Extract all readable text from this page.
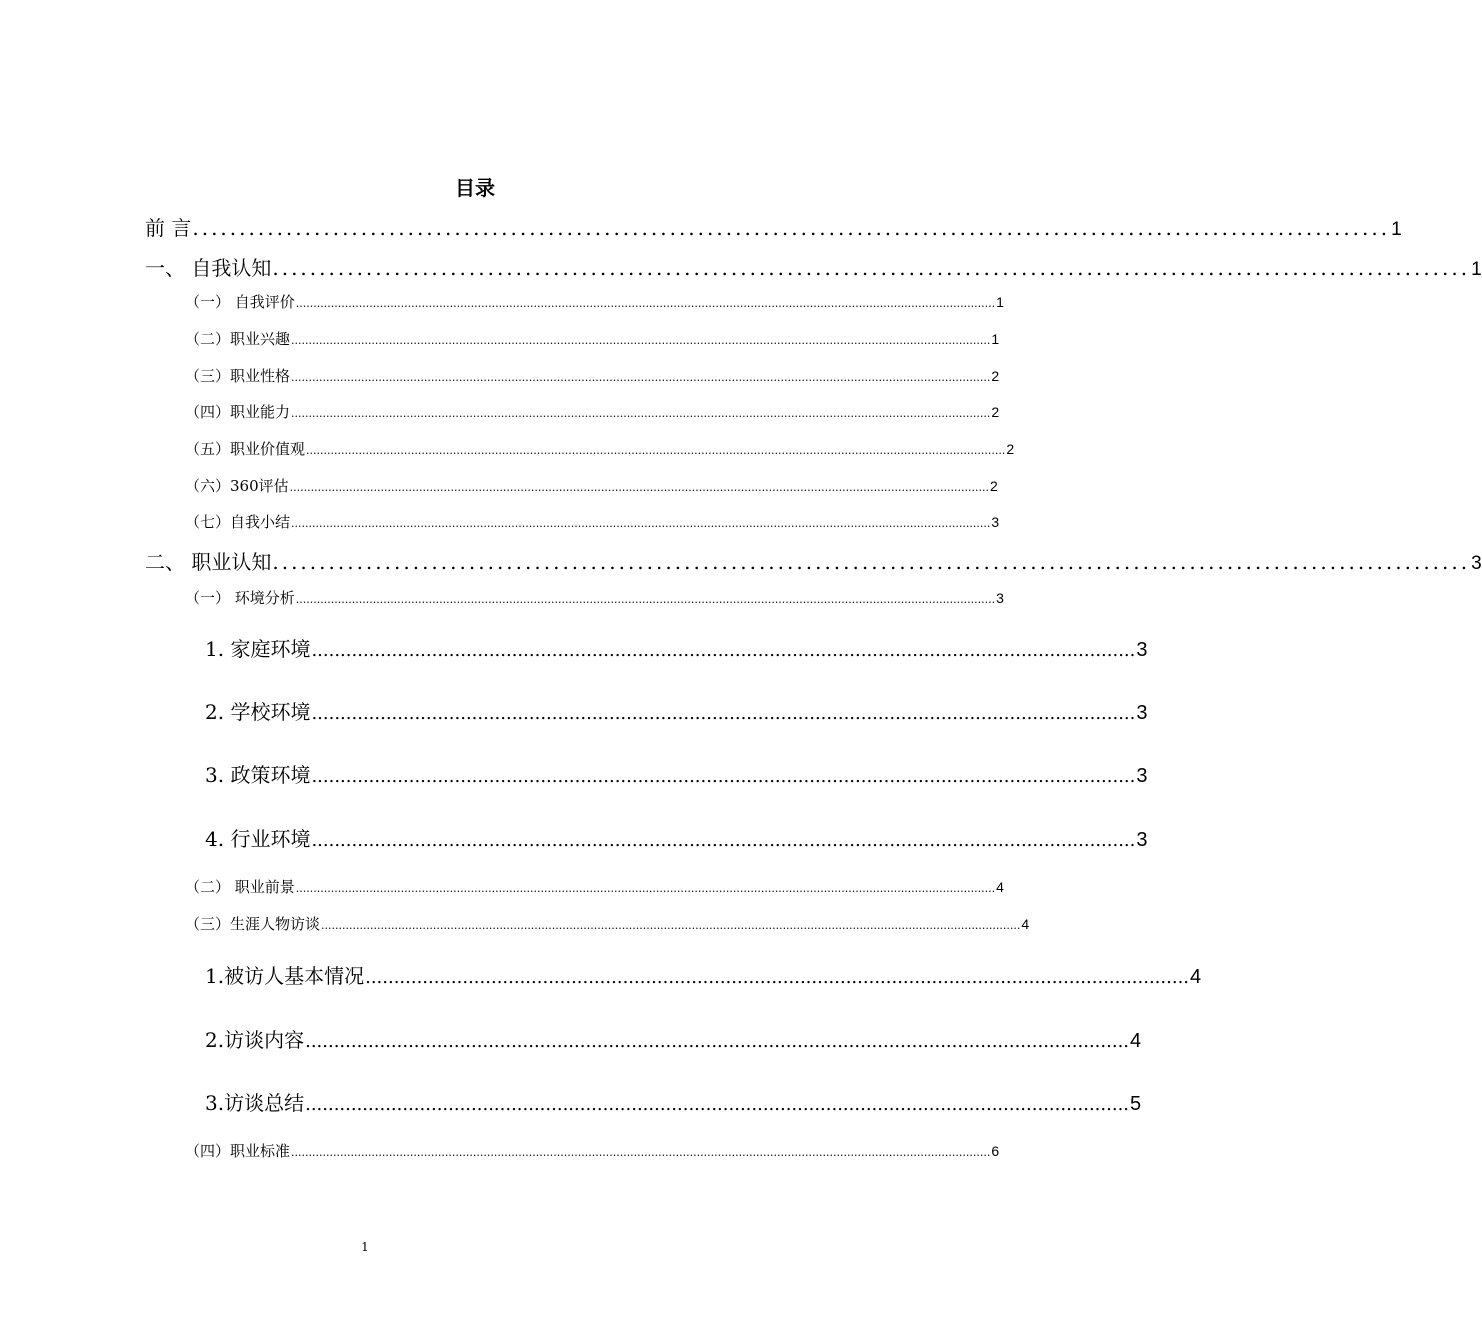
目录
前 言 ................................................................................................................................ 1
一、 自我认知 ................................................................................................................................ 1
（一） 自我评价 ........................................................................................................................................................................................................ 1
（二）职业兴趣 ........................................................................................................................................................................................................ 1
（三）职业性格 ........................................................................................................................................................................................................ 2
（四）职业能力 ........................................................................................................................................................................................................ 2
（五）职业价值观 ........................................................................................................................................................................................................ 2
（六）360评估 ........................................................................................................................................................................................................ 2
（七）自我小结 ........................................................................................................................................................................................................ 3
二、 职业认知 ................................................................................................................................ 3
（一） 环境分析 ........................................................................................................................................................................................................ 3
1. 家庭环境 ................................................................................................................................................ 3
2. 学校环境 ................................................................................................................................................ 3
3. 政策环境 ................................................................................................................................................ 3
4. 行业环境 ................................................................................................................................................ 3
（二） 职业前景 ........................................................................................................................................................................................................ 4
（三）生涯人物访谈 ........................................................................................................................................................................................................ 4
1.被访人基本情况 ................................................................................................................................................ 4
2.访谈内容 ................................................................................................................................................ 4
3.访谈总结 ................................................................................................................................................ 5
（四）职业标准 ........................................................................................................................................................................................................ 6
1
